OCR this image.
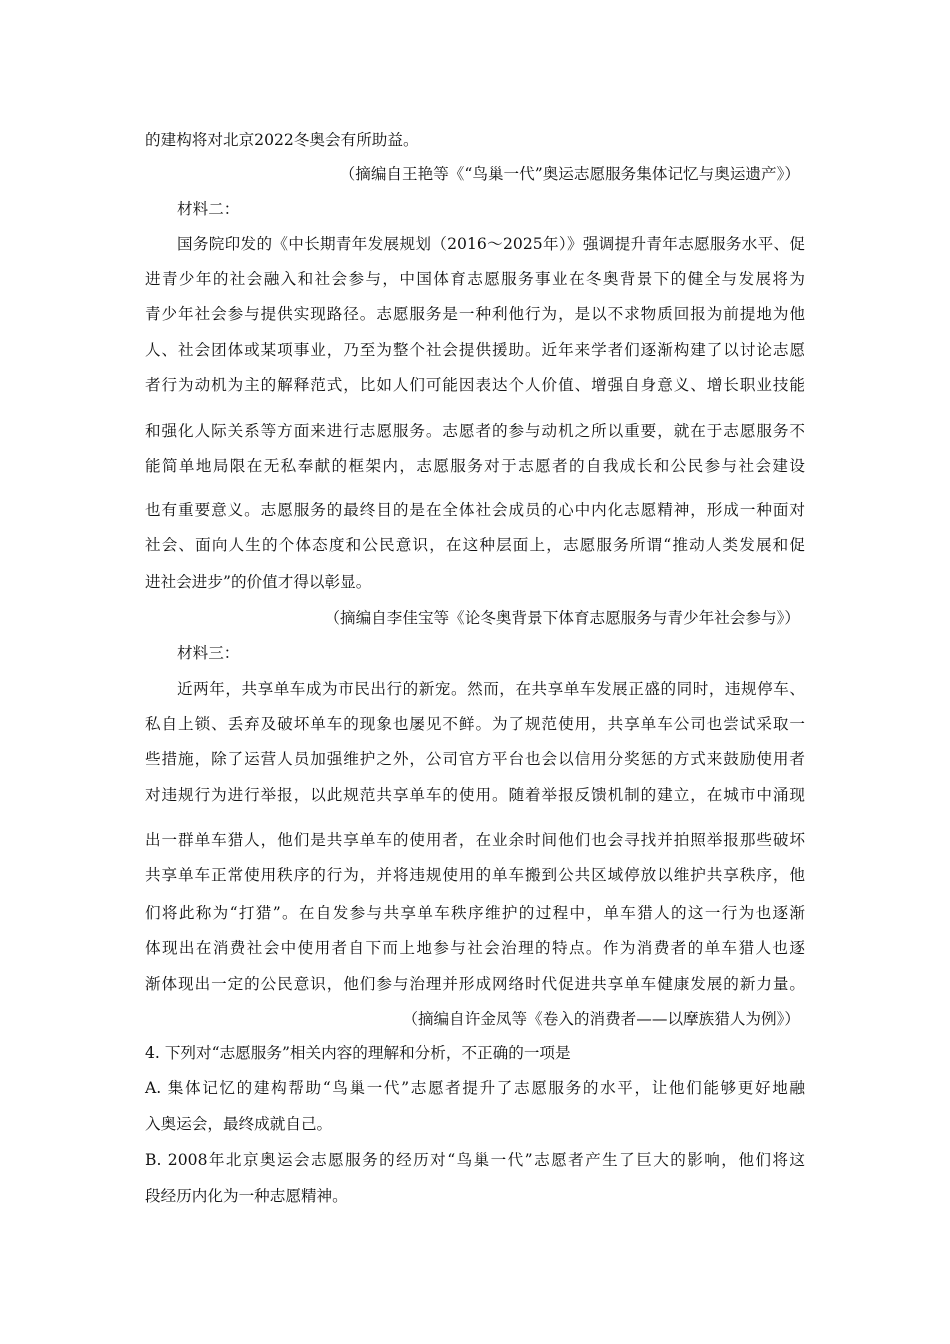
的建构将对北京2022冬奥会有所助益。
（摘编自王艳等《“鸟巢一代”奥运志愿服务集体记忆与奥运遗产》）
材料二：
国务院印发的《中长期青年发展规划（2016～2025年）》强调提升青年志愿服务水平、促
进青少年的社会融入和社会参与，中国体育志愿服务事业在冬奥背景下的健全与发展将为
青少年社会参与提供实现路径。志愿服务是一种利他行为，是以不求物质回报为前提地为他
人、社会团体或某项事业，乃至为整个社会提供援助。近年来学者们逐渐构建了以讨论志愿
者行为动机为主的解释范式，比如人们可能因表达个人价值、增强自身意义、增长职业技能
和强化人际关系等方面来进行志愿服务。志愿者的参与动机之所以重要，就在于志愿服务不
能简单地局限在无私奉献的框架内，志愿服务对于志愿者的自我成长和公民参与社会建设
也有重要意义。志愿服务的最终目的是在全体社会成员的心中内化志愿精神，形成一种面对
社会、面向人生的个体态度和公民意识，在这种层面上，志愿服务所谓“推动人类发展和促
进社会进步”的价值才得以彰显。
（摘编自李佳宝等《论冬奥背景下体育志愿服务与青少年社会参与》）
材料三：
近两年，共享单车成为市民出行的新宠。然而，在共享单车发展正盛的同时，违规停车、
私自上锁、丢弃及破坏单车的现象也屡见不鲜。为了规范使用，共享单车公司也尝试采取一
些措施，除了运营人员加强维护之外，公司官方平台也会以信用分奖惩的方式来鼓励使用者
对违规行为进行举报，以此规范共享单车的使用。随着举报反馈机制的建立，在城市中涌现
出一群单车猎人，他们是共享单车的使用者，在业余时间他们也会寻找并拍照举报那些破坏
共享单车正常使用秩序的行为，并将违规使用的单车搬到公共区域停放以维护共享秩序，他
们将此称为“打猎”。在自发参与共享单车秩序维护的过程中，单车猎人的这一行为也逐渐
体现出在消费社会中使用者自下而上地参与社会治理的特点。作为消费者的单车猎人也逐
渐体现出一定的公民意识，他们参与治理并形成网络时代促进共享单车健康发展的新力量。
（摘编自许金凤等《卷入的消费者——以摩族猎人为例》）
4. 下列对“志愿服务”相关内容的理解和分析，不正确的一项是
A. 集体记忆的建构帮助“鸟巢一代”志愿者提升了志愿服务的水平，让他们能够更好地融
入奥运会，最终成就自己。
B. 2008年北京奥运会志愿服务的经历对“鸟巢一代”志愿者产生了巨大的影响，他们将这
段经历内化为一种志愿精神。
